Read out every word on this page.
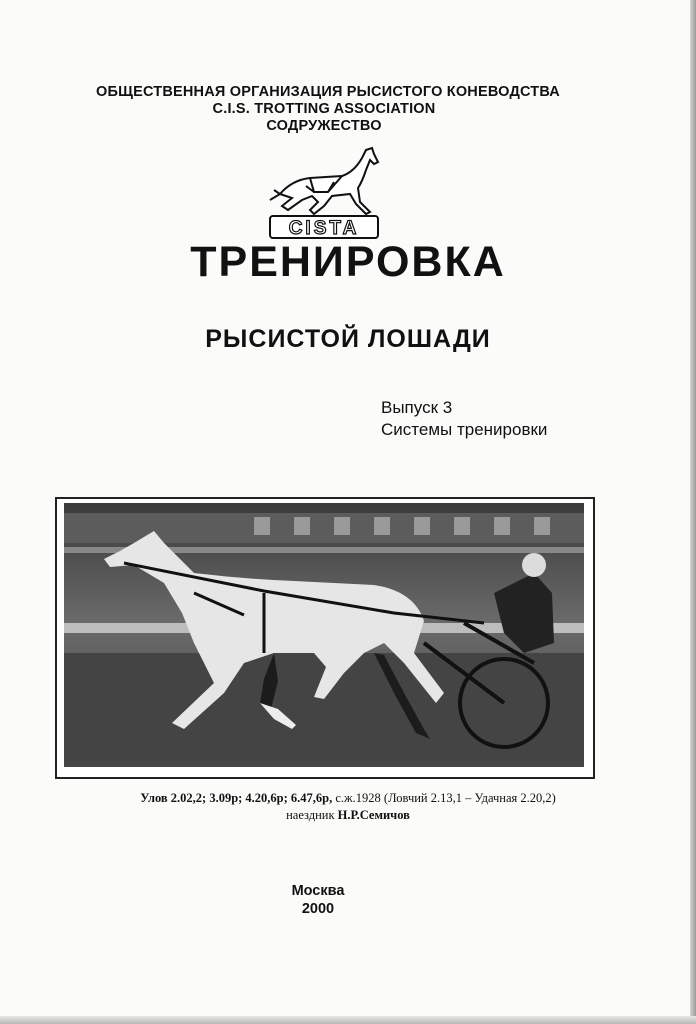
ОБЩЕСТВЕННАЯ ОРГАНИЗАЦИЯ РЫСИСТОГО КОНЕВОДСТВА
C.I.S. TROTTING ASSOCIATION
СОДРУЖЕСТВО
CISTA
ТРЕНИРОВКА
РЫСИСТОЙ ЛОШАДИ
Выпуск 3
Системы тренировки
Улов 2.02,2; 3.09р; 4.20,6р; 6.47,6р, с.ж.1928 (Ловчий 2.13,1 – Удачная 2.20,2)
наездник Н.Р.Семичов
Москва
2000
